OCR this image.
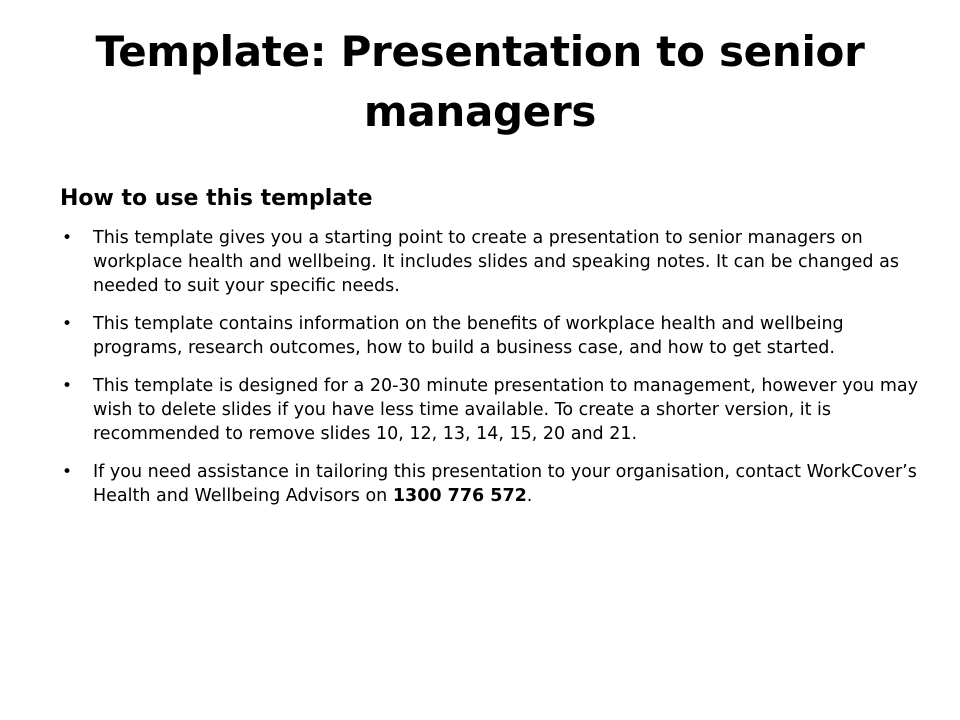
Template: Presentation to senior managers
How to use this template
• This template gives you a starting point to create a presentation to senior managers on workplace health and wellbeing. It includes slides and speaking notes. It can be changed as needed to suit your specific needs.
• This template contains information on the benefits of workplace health and wellbeing programs, research outcomes, how to build a business case, and how to get started.
• This template is designed for a 20-30 minute presentation to management, however you may wish to delete slides if you have less time available. To create a shorter version, it is recommended to remove slides 10, 12, 13, 14, 15, 20 and 21.
• If you need assistance in tailoring this presentation to your organisation, contact WorkCover’s Health and Wellbeing Advisors on 1300 776 572.
